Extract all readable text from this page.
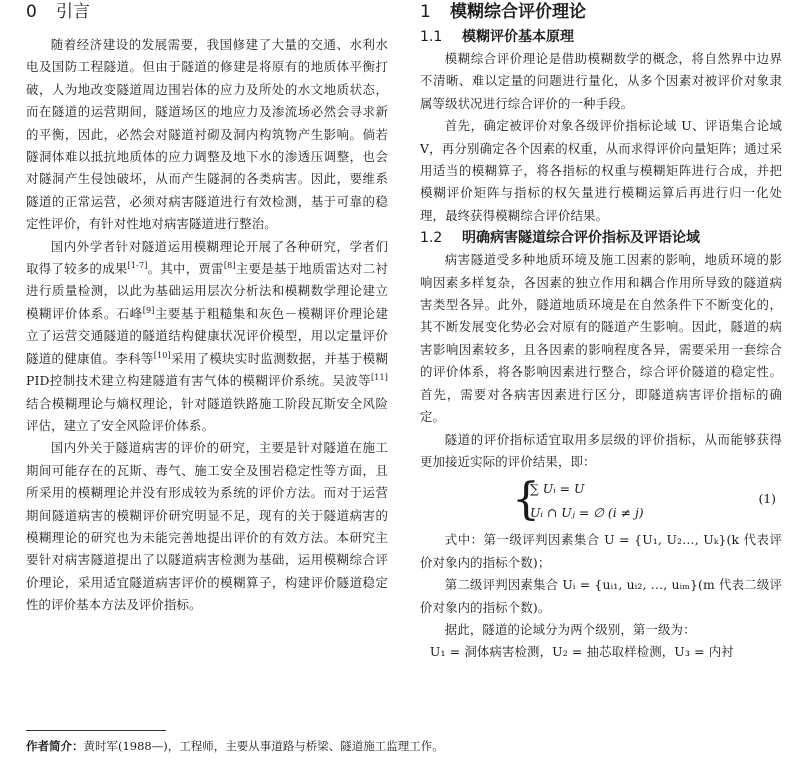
0 引言

随着经济建设的发展需要，我国修建了大量的交通、水利水电及国防工程隧道。但由于隧道的修建是将原有的地质体平衡打破，人为地改变隧道周边围岩体的应力及所处的水文地质状态，而在隧道的运营期间，隧道场区的地应力及渗流场必然会寻求新的平衡，因此，必然会对隧道衬砌及洞内构筑物产生影响。倘若隧洞体难以抵抗地质体的应力调整及地下水的渗透压调整，也会对隧洞产生侵蚀破坏，从而产生隧洞的各类病害。因此，要维系隧道的正常运营，必须对病害隧道进行有效检测，基于可靠的稳定性评价，有针对性地对病害隧道进行整治。

国内外学者针对隧道运用模糊理论开展了各种研究，学者们取得了较多的成果[1-7]。其中，贾雷[8]主要是基于地质雷达对二衬进行质量检测，以此为基础运用层次分析法和模糊数学理论建立模糊评价体系。石峰[9]主要基于粗糙集和灰色－模糊评价理论建立了运营交通隧道的隧道结构健康状况评价模型，用以定量评价隧道的健康值。李科等[10]采用了模块实时监测数据，并基于模糊PID控制技术建立构建隧道有害气体的模糊评价系统。吴波等[11]结合模糊理论与熵权理论，针对隧道铁路施工阶段瓦斯安全风险评估，建立了安全风险评价体系。

国内外关于隧道病害的评价的研究，主要是针对隧道在施工期间可能存在的瓦斯、毒气、施工安全及围岩稳定性等方面，且所采用的模糊理论并没有形成较为系统的评价方法。而对于运营期间隧道病害的模糊评价研究明显不足，现有的关于隧道病害的模糊理论的研究也为未能完善地提出评价的有效方法。本研究主要针对病害隧道提出了以隧道病害检测为基础，运用模糊综合评价理论，采用适宜隧道病害评价的模糊算子，构建评价隧道稳定性的评价基本方法及评价指标。

1 模糊综合评价理论
1.1 模糊评价基本原理

模糊综合评价理论是借助模糊数学的概念，将自然界中边界不清晰、难以定量的问题进行量化，从多个因素对被评价对象隶属等级状况进行综合评价的一种手段。

首先，确定被评价对象各级评价指标论域 U、评语集合论域 V，再分别确定各个因素的权重，从而求得评价向量矩阵；通过采用适当的模糊算子，将各指标的权重与模糊矩阵进行合成，并把模糊评价矩阵与指标的权矢量进行模糊运算后再进行归一化处理，最终获得模糊综合评价结果。

1.2 明确病害隧道综合评价指标及评语论域

病害隧道受多种地质环境及施工因素的影响，地质环境的影响因素多样复杂，各因素的独立作用和耦合作用所导致的隧道病害类型各异。此外，隧道地质环境是在自然条件下不断变化的，其不断发展变化势必会对原有的隧道产生影响。因此，隧道的病害影响因素较多，且各因素的影响程度各异，需要采用一套综合的评价体系，将各影响因素进行整合，综合评价隧道的稳定性。首先，需要对各病害因素进行区分，即隧道病害评价指标的确定。

隧道的评价指标适宜取用多层级的评价指标，从而能够获得更加接近实际的评价结果，即：

{
∑ Uᵢ = U
Uᵢ ∩ Uⱼ = ∅ (i ≠ j)
(1)

式中：第一级评判因素集合 U = {U₁, U₂…, Uₖ}(k 代表评价对象内的指标个数)；

第二级评判因素集合 Uᵢ = {uᵢ₁, uᵢ₂, …, uᵢₘ}(m 代表二级评价对象内的指标个数)。

据此，隧道的论域分为两个级别，第一级为：

U₁ = 洞体病害检测，U₂ = 抽芯取样检测，U₃ = 内衬

作者简介：黄时军(1988—)，工程师，主要从事道路与桥梁、隧道施工监理工作。
